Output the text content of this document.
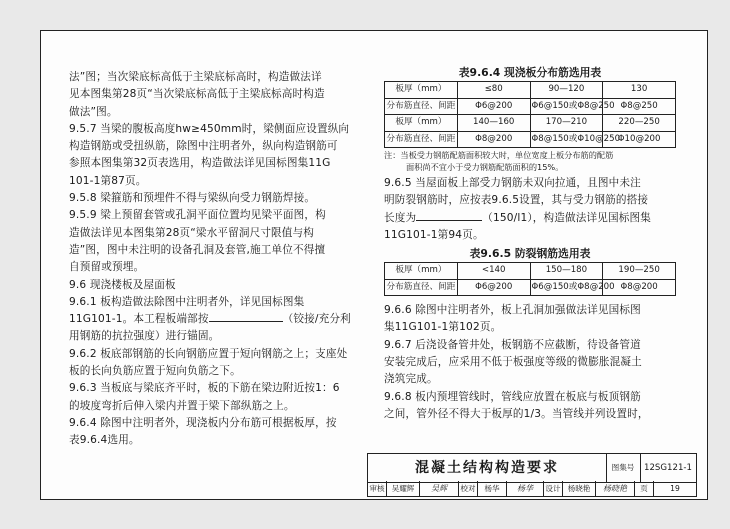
法”图；当次梁底标高低于主梁底标高时，构造做法详

见本图集第28页“当次梁底标高低于主梁底标高时构造

做法”图。

9.5.7 当梁的腹板高度hw≥450mm时，梁侧面应设置纵向

构造钢筋或受扭纵筋，除图中注明者外，纵向构造钢筋可

参照本图集第32页表选用，构造做法详见国标图集11G

101-1第87页。

9.5.8 梁箍筋和预埋件不得与梁纵向受力钢筋焊接。

9.5.9 梁上预留套管或孔洞平面位置均见梁平面图，构

造做法详见本图集第28页“梁水平留洞尺寸限值与构

造”图，图中未注明的设备孔洞及套管,施工单位不得擅

自预留或预埋。

9.6 现浇楼板及屋面板

9.6.1 板构造做法除图中注明者外，详见国标图集

11G101-1。本工程板端部按	（铰接/充分利

用钢筋的抗拉强度）进行锚固。

9.6.2 板底部钢筋的长向钢筋应置于短向钢筋之上；支座处

板的长向负筋应置于短向负筋之下。

9.6.3 当板底与梁底齐平时，板的下筋在梁边附近按1：6

的坡度弯折后伸入梁内并置于梁下部纵筋之上。

9.6.4 除图中注明者外，现浇板内分布筋可根据板厚，按

表9.6.4选用。

表9.6.4 现浇板分布筋选用表

板厚（mm）	≤80	90—120	130
分布筋直径、间距	Φ6@200	Φ6@150或Φ8@250	Φ8@250
板厚（mm）	140—160	170—210	220—250
分布筋直径、间距	Φ8@200	Φ8@150或Φ10@250	Φ10@200
注：当板受力钢筋配筋面积较大时，单位宽度上板分布筋的配筋
面积尚不宜小于受力钢筋配筋面积的15%。

9.6.5 当屋面板上部受力钢筋未双向拉通，且图中未注

明防裂钢筋时，应按表9.6.5设置，其与受力钢筋的搭接

长度为	（150/l1），构造做法详见国标图集

11G101-1第94页。

表9.6.5 防裂钢筋选用表

板厚（mm）	<140	150—180	190—250
分布筋直径、间距	Φ6@200	Φ6@150或Φ8@200	Φ8@200

9.6.6 除图中注明者外，板上孔洞加强做法详见国标图

集11G101-1第102页。

9.6.7 后浇设备管井处，板钢筋不应截断，待设备管道

安装完成后，应采用不低于板强度等级的微膨胀混凝土

浇筑完成。

9.6.8 板内预埋管线时，管线应放置在板底与板顶钢筋

之间，管外径不得大于板厚的1/3。当管线并列设置时，

混凝土结构构造要求	图集号	12SG121-1
审核 吴耀辉	吴辉	校对	杨华	杨华	设计 杨晓艳	杨晓艳	页	19
